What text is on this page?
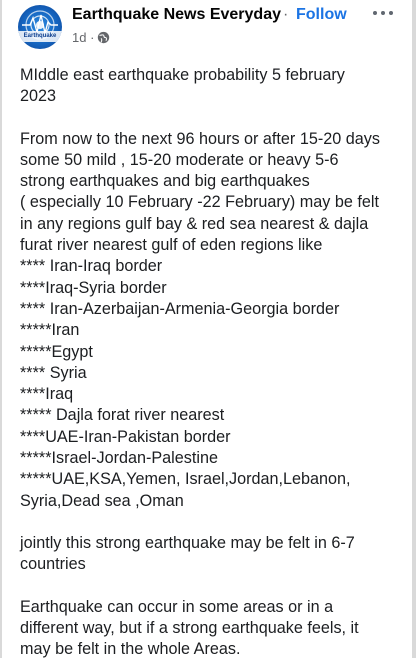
Earthquake
Earthquake News Everyday · Follow
1d ·

MIddle east earthquake probability 5 february
2023

From now to the next 96 hours or after 15-20 days
some 50 mild , 15-20 moderate or heavy 5-6
strong earthquakes and big earthquakes
( especially 10 February -22 February) may be felt
in any regions gulf bay & red sea nearest & dajla
furat river nearest gulf of eden regions like

**** Iran-Iraq border
****Iraq-Syria border
**** Iran-Azerbaijan-Armenia-Georgia border
*****Iran
*****Egypt
**** Syria
****Iraq
***** Dajla forat river nearest
****UAE-Iran-Pakistan border
*****Israel-Jordan-Palestine
*****UAE,KSA,Yemen, Israel,Jordan,Lebanon,
Syria,Dead sea ,Oman

jointly this strong earthquake may be felt in 6-7
countries

Earthquake can occur in some areas or in a
different way, but if a strong earthquake feels, it
may be felt in the whole Areas.
